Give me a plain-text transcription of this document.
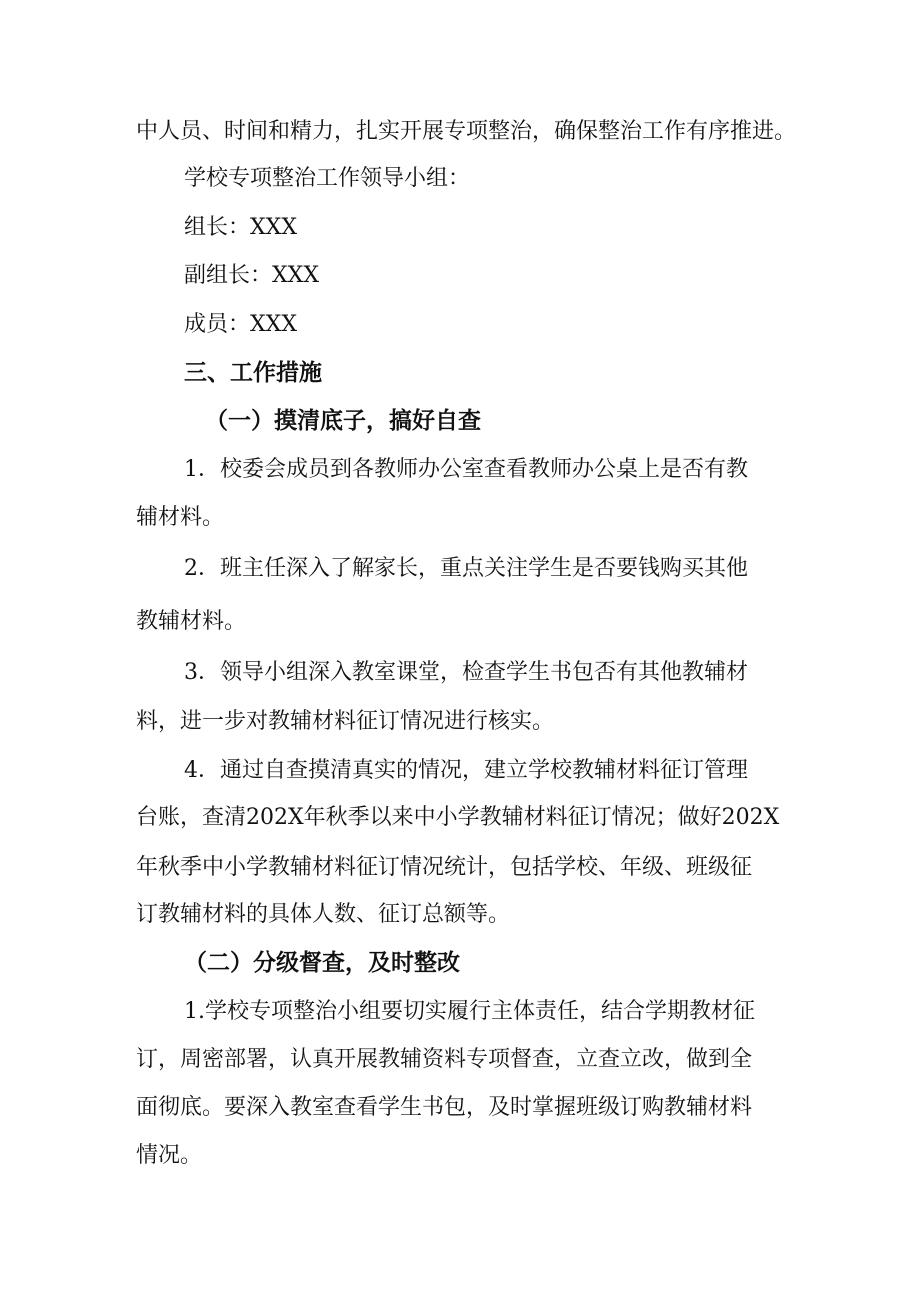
中人员、时间和精力，扎实开展专项整治，确保整治工作有序推进。
学校专项整治工作领导小组：
组长：XXX
副组长：XXX
成员：XXX
三、工作措施
（一）摸清底子，搞好自查
1．校委会成员到各教师办公室查看教师办公桌上是否有教
辅材料。
2．班主任深入了解家长，重点关注学生是否要钱购买其他
教辅材料。
3．领导小组深入教室课堂，检查学生书包否有其他教辅材
料，进一步对教辅材料征订情况进行核实。
4．通过自查摸清真实的情况，建立学校教辅材料征订管理
台账，查清202X年秋季以来中小学教辅材料征订情况；做好202X
年秋季中小学教辅材料征订情况统计，包括学校、年级、班级征
订教辅材料的具体人数、征订总额等。
（二）分级督查，及时整改
1.学校专项整治小组要切实履行主体责任，结合学期教材征
订，周密部署，认真开展教辅资料专项督查，立查立改，做到全
面彻底。要深入教室查看学生书包，及时掌握班级订购教辅材料
情况。
